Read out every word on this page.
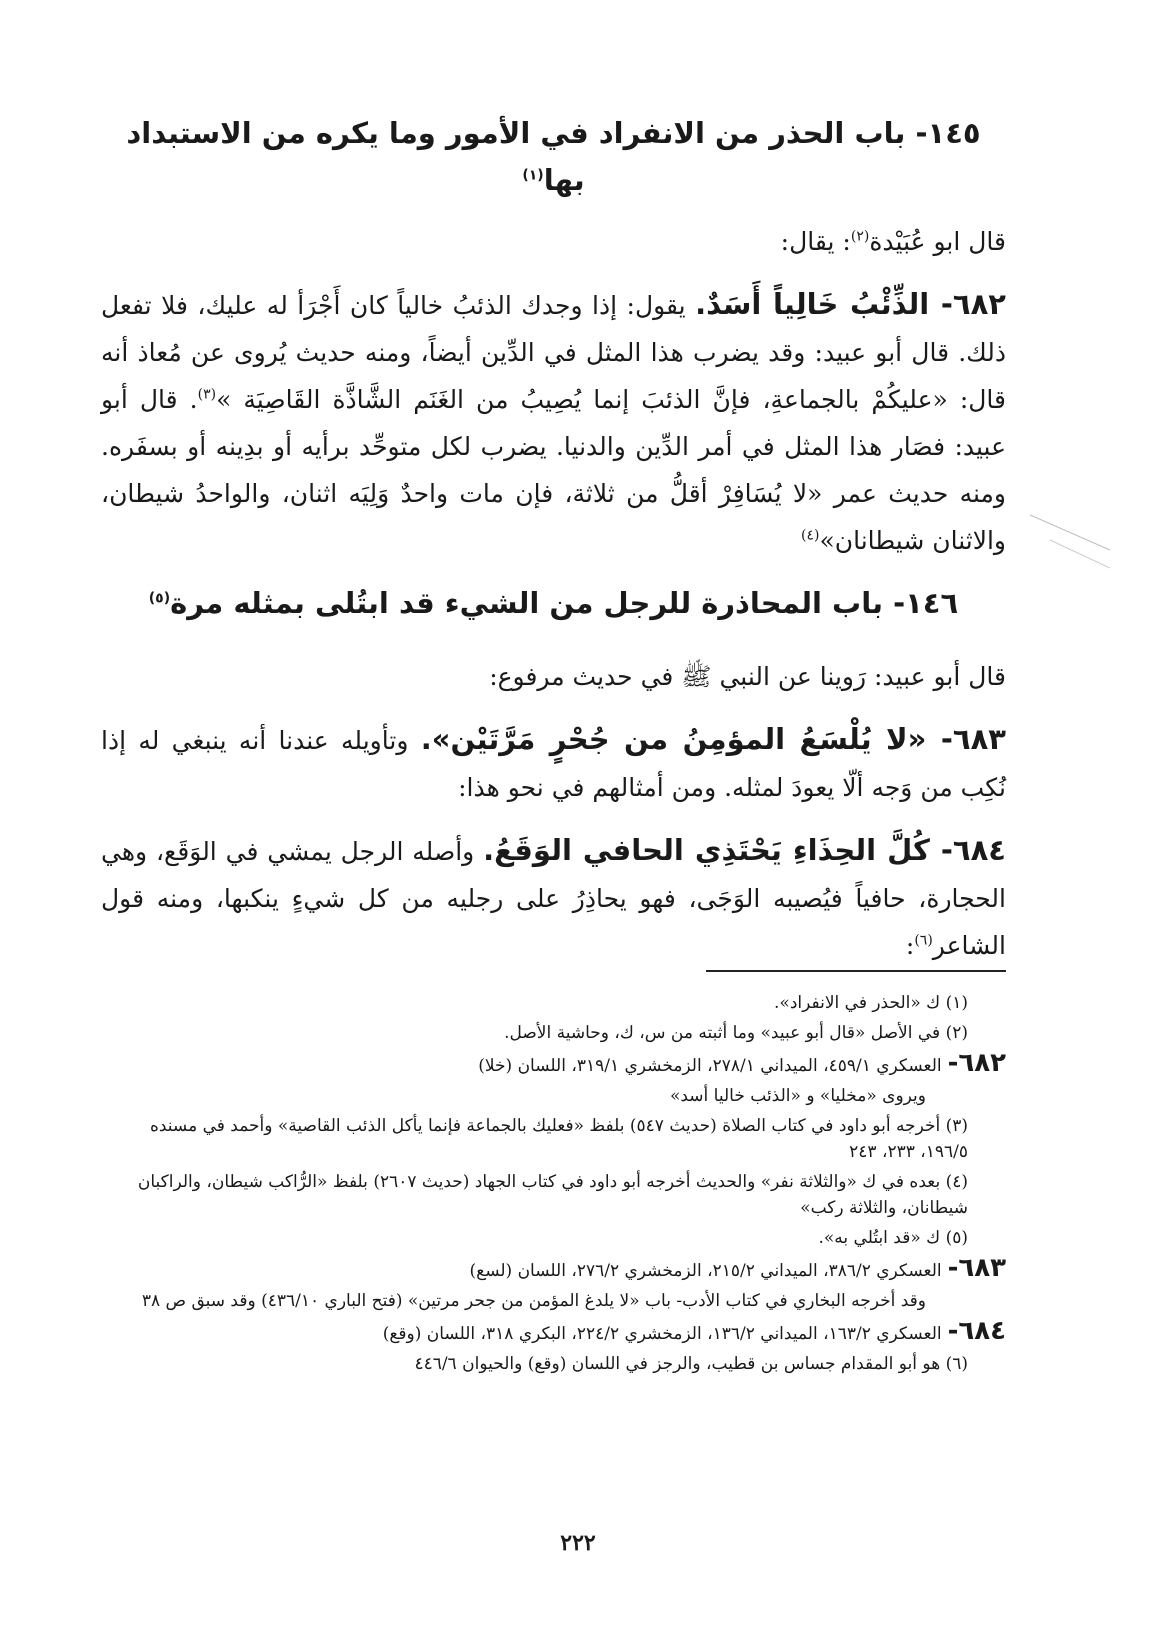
١٤٥- باب الحذر من الانفراد في الأمور وما يكره من الاستبداد بها$^{(١)}$

قال ابو عُبَيْدة$^{(٢)}$: يقال:

٦٨٢- الذِّئْبُ خَالِياً أَسَدٌ. يقول: إذا وجدك الذئبُ خالياً كان أَجْرَأ له عليك، فلا تفعل ذلك. قال أبو عبيد: وقد يضرب هذا المثل في الدِّين أيضاً، ومنه حديث يُروى عن مُعاذ أنه قال: «عليكُمْ بالجماعةِ، فإنَّ الذئبَ إنما يُصِيبُ من الغَنَم الشَّاذَّة القَاصِيَة »$^{(٣)}$. قال أبو عبيد: فصَار هذا المثل في أمر الدِّين والدنيا. يضرب لكل متوحِّد برأيه أو بدِينه أو بسفَره. ومنه حديث عمر «لا يُسَافِرْ أقلُّ من ثلاثة، فإن مات واحدٌ وَلِيَه اثنان، والواحدُ شيطان، والاثنان شيطانان»$^{(٤)}$

١٤٦- باب المحاذرة للرجل من الشيء قد ابتُلى بمثله مرة$^{(٥)}$

قال أبو عبيد: رَوينا عن النبي ﷺ في حديث مرفوع:

٦٨٣- «لا يُلْسَعُ المؤمِنُ من جُحْرٍ مَرَّتَيْن». وتأويله عندنا أنه ينبغي له إذا نُكِب من وَجه ألّا يعودَ لمثله. ومن أمثالهم في نحو هذا:

٦٨٤- كُلَّ الحِذَاءِ يَحْتَذِي الحافي الوَقَعُ. وأصله الرجل يمشي في الوَقَع، وهي الحجارة، حافياً فيُصيبه الوَجَى، فهو يحاذِرُ على رجليه من كل شيءٍ ينكبها، ومنه قول الشاعر$^{(٦)}$:

(١) ك «الحذر في الانفراد».

(٢) في الأصل «قال أبو عبيد» وما أثبته من س، ك، وحاشية الأصل.

٦٨٢-العسكري ٤٥٩/١، الميداني ٢٧٨/١، الزمخشري ٣١٩/١، اللسان (خلا)

ويروى «مخليا» و «الذئب خاليا أسد»

(٣) أخرجه أبو داود في كتاب الصلاة (حديث ٥٤٧) بلفظ «فعليك بالجماعة فإنما يأكل الذئب القاصية» وأحمد في مسنده ١٩٦/٥، ٢٣٣، ٢٤٣

(٤) بعده في ك «والثلاثة نفر» والحديث أخرجه أبو داود في كتاب الجهاد (حديث ٢٦٠٧) بلفظ «الرُّاكب شيطان، والراكبان شيطانان، والثلاثة ركب»

(٥) ك «قد ابتُلي به».

٦٨٣-العسكري ٣٨٦/٢، الميداني ٢١٥/٢، الزمخشري ٢٧٦/٢، اللسان (لسع)

وقد أخرجه البخاري في كتاب الأدب- باب «لا يلدغ المؤمن من جحر مرتين» (فتح الباري ٤٣٦/١٠) وقد سبق ص ٣٨

٦٨٤-العسكري ١٦٣/٢، الميداني ١٣٦/٢، الزمخشري ٢٢٤/٢، البكري ٣١٨، اللسان (وقع)

(٦) هو أبو المقدام جساس بن قطيب، والرجز في اللسان (وقع) والحيوان ٤٤٦/٦

٢٢٢
